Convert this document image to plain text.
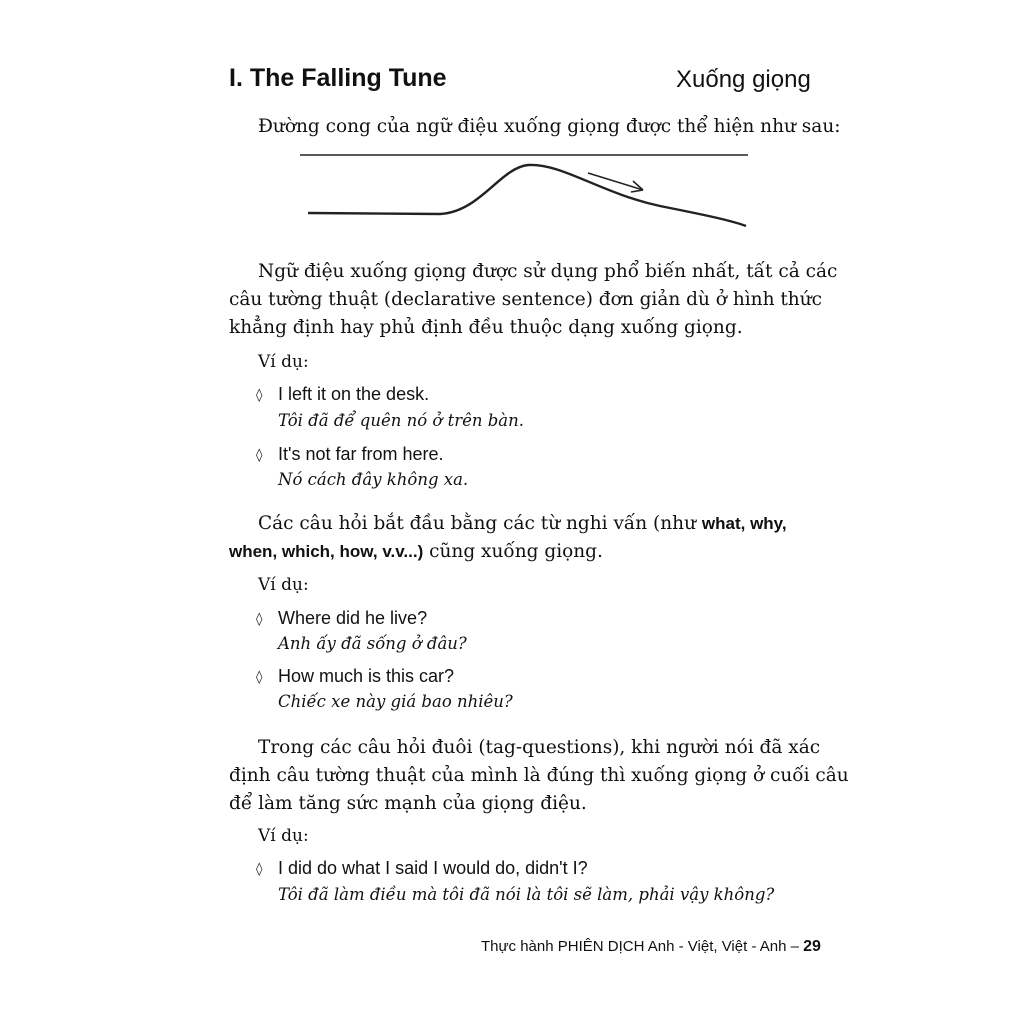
I. The Falling Tune	Xuống giọng
Đường cong của ngữ điệu xuống giọng được thể hiện như sau:
Ngữ điệu xuống giọng được sử dụng phổ biến nhất, tất cả các
câu tường thuật (declarative sentence) đơn giản dù ở hình thức
khẳng định hay phủ định đều thuộc dạng xuống giọng.
Ví dụ:
◊ I left it on the desk.
Tôi đã để quên nó ở trên bàn.
◊ It's not far from here.
Nó cách đây không xa.
Các câu hỏi bắt đầu bằng các từ nghi vấn (như what, why,
when, which, how, v.v...) cũng xuống giọng.
Ví dụ:
◊ Where did he live?
Anh ấy đã sống ở đâu?
◊ How much is this car?
Chiếc xe này giá bao nhiêu?
Trong các câu hỏi đuôi (tag-questions), khi người nói đã xác
định câu tường thuật của mình là đúng thì xuống giọng ở cuối câu
để làm tăng sức mạnh của giọng điệu.
Ví dụ:
◊ I did do what I said I would do, didn't I?
Tôi đã làm điều mà tôi đã nói là tôi sẽ làm, phải vậy không?
Thực hành PHIÊN DỊCH Anh - Việt, Việt - Anh – 29
